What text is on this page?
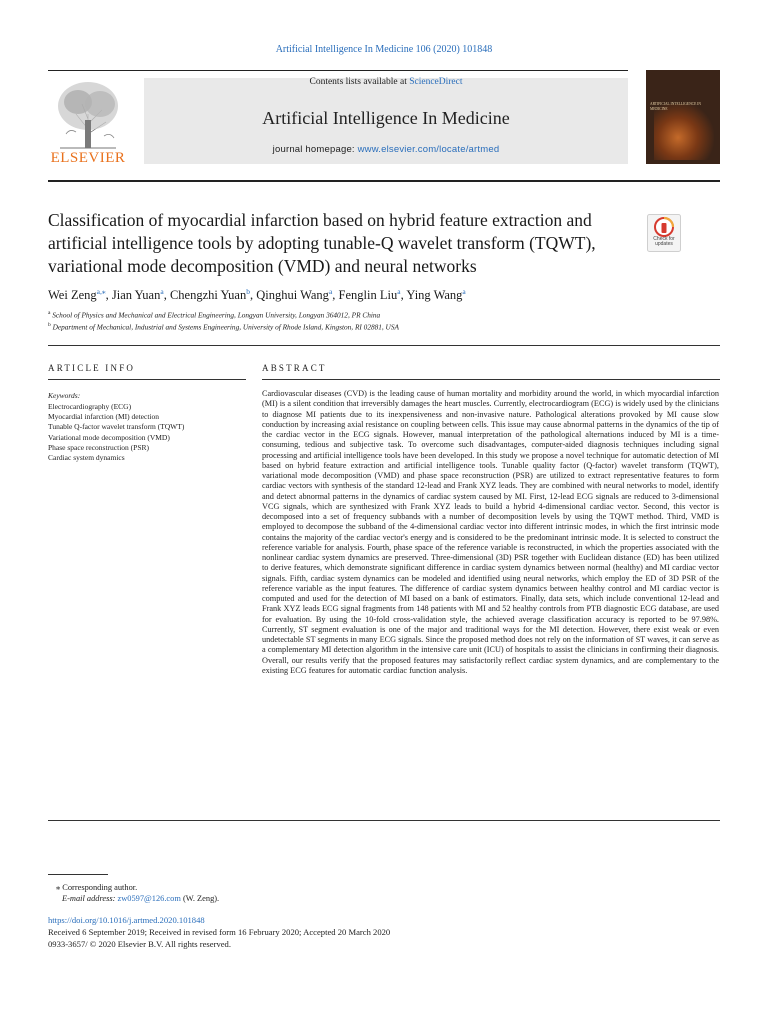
Artificial Intelligence In Medicine 106 (2020) 101848
ELSEVIER
Contents lists available at ScienceDirect
Artificial Intelligence In Medicine
journal homepage: www.elsevier.com/locate/artmed
ARTIFICIAL INTELLIGENCE IN MEDICINE
Classification of myocardial infarction based on hybrid feature extraction and artificial intelligence tools by adopting tunable-Q wavelet transform (TQWT), variational mode decomposition (VMD) and neural networks
Check for updates
Wei Zeng$^{a,⁎}$, Jian Yuan$^a$, Chengzhi Yuan$^b$, Qinghui Wang$^a$, Fenglin Liu$^a$, Ying Wang$^a$
$^a$ School of Physics and Mechanical and Electrical Engineering, Longyan University, Longyan 364012, PR China
$^b$ Department of Mechanical, Industrial and Systems Engineering, University of Rhode Island, Kingston, RI 02881, USA
ARTICLE INFO
Keywords:
Electrocardiography (ECG)
Myocardial infarction (MI) detection
Tunable Q-factor wavelet transform (TQWT)
Variational mode decomposition (VMD)
Phase space reconstruction (PSR)
Cardiac system dynamics
ABSTRACT
Cardiovascular diseases (CVD) is the leading cause of human mortality and morbidity around the world, in which myocardial infarction (MI) is a silent condition that irreversibly damages the heart muscles. Currently, electrocardiogram (ECG) is widely used by the clinicians to diagnose MI patients due to its inexpensiveness and non-invasive nature. Pathological alterations provoked by MI cause slow conduction by increasing axial resistance on coupling between cells. This issue may cause abnormal patterns in the dynamics of the tip of the cardiac vector in the ECG signals. However, manual interpretation of the pathological alternations induced by MI is a time-consuming, tedious and subjective task. To overcome such disadvantages, computer-aided diagnosis techniques including signal processing and artificial intelligence tools have been developed. In this study we propose a novel technique for automatic detection of MI based on hybrid feature extraction and artificial intelligence tools. Tunable quality factor (Q-factor) wavelet transform (TQWT), variational mode decomposition (VMD) and phase space reconstruction (PSR) are utilized to extract representative features to form cardiac vectors with synthesis of the standard 12-lead and Frank XYZ leads. They are combined with neural networks to model, identify and detect abnormal patterns in the dynamics of cardiac system caused by MI. First, 12-lead ECG signals are reduced to 3-dimensional VCG signals, which are synthesized with Frank XYZ leads to build a hybrid 4-dimensional cardiac vector. Second, this vector is decomposed into a set of frequency subbands with a number of decomposition levels by using the TQWT method. Third, VMD is employed to decompose the subband of the 4-dimensional cardiac vector into different intrinsic modes, in which the first intrinsic mode contains the majority of the cardiac vector's energy and is considered to be the predominant intrinsic mode. It is selected to construct the reference variable for analysis. Fourth, phase space of the reference variable is reconstructed, in which the properties associated with the nonlinear cardiac system dynamics are preserved. Three-dimensional (3D) PSR together with Euclidean distance (ED) has been utilized to derive features, which demonstrate significant difference in cardiac system dynamics between normal (healthy) and MI cardiac vector signals. Fifth, cardiac system dynamics can be modeled and identified using neural networks, which employ the ED of 3D PSR of the reference variable as the input features. The difference of cardiac system dynamics between healthy control and MI cardiac vector is computed and used for the detection of MI based on a bank of estimators. Finally, data sets, which include conventional 12-lead and Frank XYZ leads ECG signal fragments from 148 patients with MI and 52 healthy controls from PTB diagnostic ECG database, are used for evaluation. By using the 10-fold cross-validation style, the achieved average classification accuracy is reported to be 97.98%. Currently, ST segment evaluation is one of the major and traditional ways for the MI detection. However, there exist weak or even undetectable ST segments in many ECG signals. Since the proposed method does not rely on the information of ST waves, it can serve as a complementary MI detection algorithm in the intensive care unit (ICU) of hospitals to assist the clinicians in confirming their diagnosis. Overall, our results verify that the proposed features may satisfactorily reflect cardiac system dynamics, and are complementary to the existing ECG features for automatic cardiac function analysis.
⁎ Corresponding author.
E-mail address: zw0597@126.com (W. Zeng).
https://doi.org/10.1016/j.artmed.2020.101848
Received 6 September 2019; Received in revised form 16 February 2020; Accepted 20 March 2020
0933-3657/ © 2020 Elsevier B.V. All rights reserved.
